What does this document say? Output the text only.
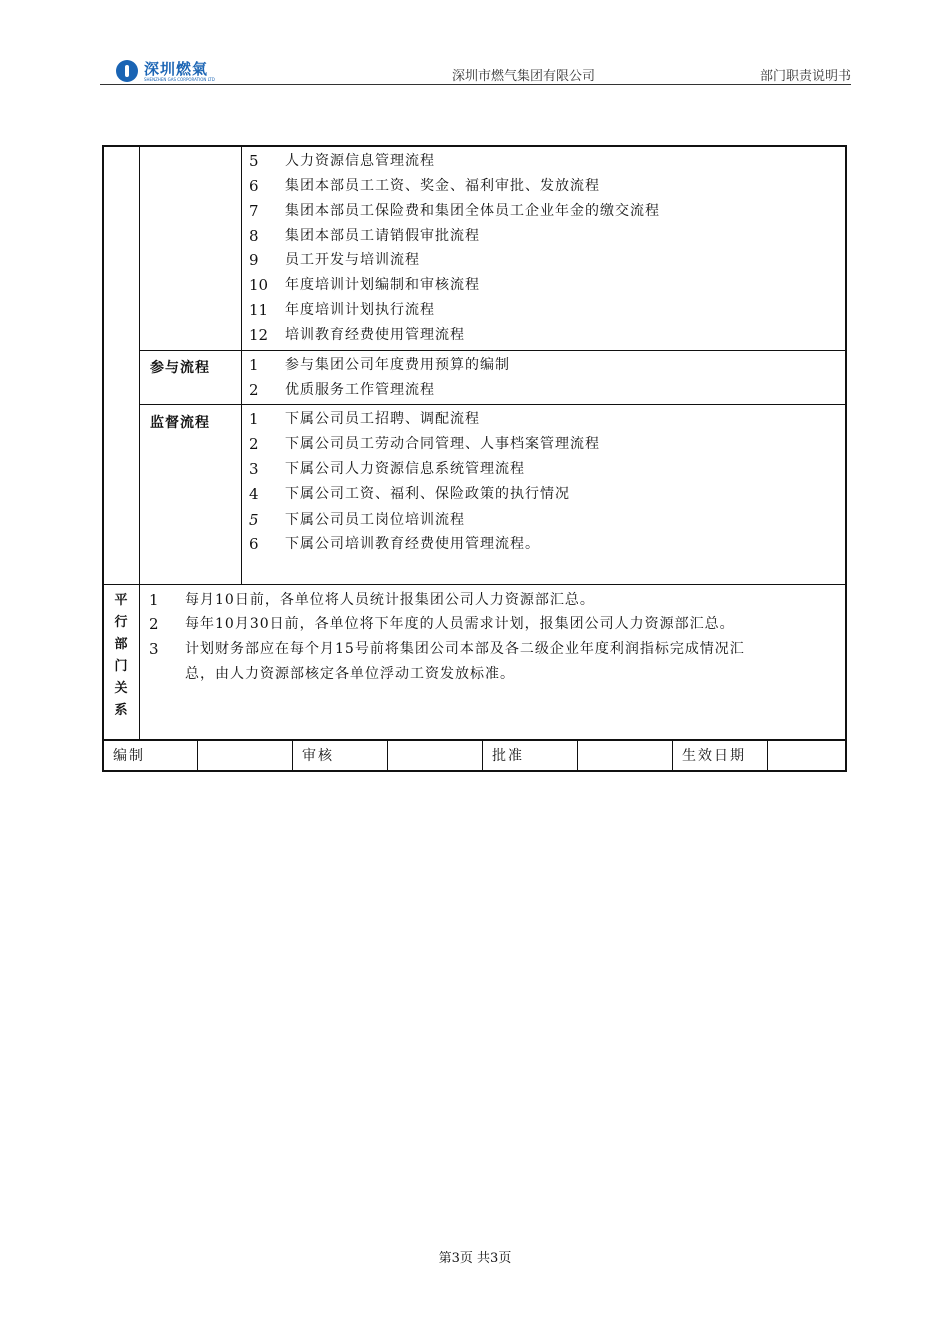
深圳燃氣
SHENZHEN GAS CORPORATION LTD	深圳市燃气集团有限公司	部门职责说明书
5 人力资源信息管理流程
6 集团本部员工工资、奖金、福利审批、发放流程
7 集团本部员工保险费和集团全体员工企业年金的缴交流程
8 集团本部员工请销假审批流程
9 员工开发与培训流程
10 年度培训计划编制和审核流程
11 年度培训计划执行流程
12 培训教育经费使用管理流程
参与流程	1 参与集团公司年度费用预算的编制
2 优质服务工作管理流程
监督流程	1 下属公司员工招聘、调配流程
2 下属公司员工劳动合同管理、人事档案管理流程
3 下属公司人力资源信息系统管理流程
4 下属公司工资、福利、保险政策的执行情况
5 下属公司员工岗位培训流程
6 下属公司培训教育经费使用管理流程。
平
行
部
门
关
系
1 每月10日前，各单位将人员统计报集团公司人力资源部汇总。
2 每年10月30日前，各单位将下年度的人员需求计划，报集团公司人力资源部汇总。
3 计划财务部应在每个月15号前将集团公司本部及各二级企业年度利润指标完成情况汇
总，由人力资源部核定各单位浮动工资发放标准。
编制	审核	批准	生效日期
第3页 共3页
